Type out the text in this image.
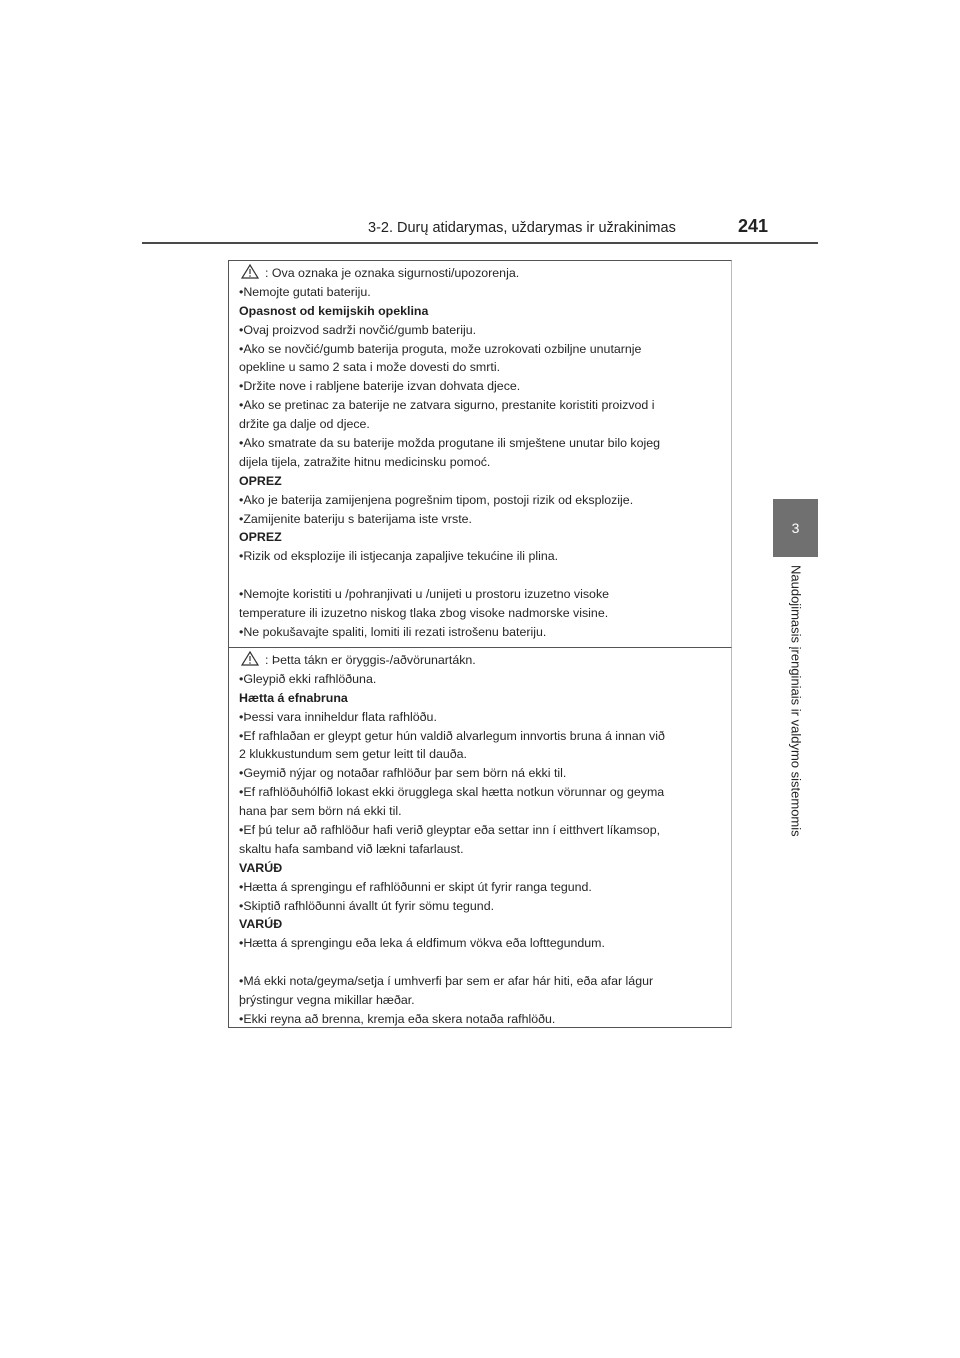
3-2. Durų atidarymas, uždarymas ir užrakinimas	241
3
Naudojimasis įrenginiais ir valdymo sistemomis
: Ova oznaka je oznaka sigurnosti/upozorenja.
•Nemojte gutati bateriju.
Opasnost od kemijskih opeklina
•Ovaj proizvod sadrži novčić/gumb bateriju.
•Ako se novčić/gumb baterija proguta, može uzrokovati ozbiljne unutarnje
opekline u samo 2 sata i može dovesti do smrti.
•Držite nove i rabljene baterije izvan dohvata djece.
•Ako se pretinac za baterije ne zatvara sigurno, prestanite koristiti proizvod i
držite ga dalje od djece.
•Ako smatrate da su baterije možda progutane ili smještene unutar bilo kojeg
dijela tijela, zatražite hitnu medicinsku pomoć.
OPREZ
•Ako je baterija zamijenjena pogrešnim tipom, postoji rizik od eksplozije.
•Zamijenite bateriju s baterijama iste vrste.
OPREZ
•Rizik od eksplozije ili istjecanja zapaljive tekućine ili plina.
•Nemojte koristiti u /pohranjivati u /unijeti u prostoru izuzetno visoke
temperature ili izuzetno niskog tlaka zbog visoke nadmorske visine.
•Ne pokušavajte spaliti, lomiti ili rezati istrošenu bateriju.
: Þetta tákn er öryggis-/aðvörunartákn.
•Gleypið ekki rafhlöðuna.
Hætta á efnabruna
•Þessi vara inniheldur flata rafhlöðu.
•Ef rafhlaðan er gleypt getur hún valdið alvarlegum innvortis bruna á innan við
2 klukkustundum sem getur leitt til dauða.
•Geymið nýjar og notaðar rafhlöður þar sem börn ná ekki til.
•Ef rafhlöðuhólfið lokast ekki örugglega skal hætta notkun vörunnar og geyma
hana þar sem börn ná ekki til.
•Ef þú telur að rafhlöður hafi verið gleyptar eða settar inn í eitthvert líkamsop,
skaltu hafa samband við lækni tafarlaust.
VARÚÐ
•Hætta á sprengingu ef rafhlöðunni er skipt út fyrir ranga tegund.
•Skiptið rafhlöðunni ávallt út fyrir sömu tegund.
VARÚÐ
•Hætta á sprengingu eða leka á eldfimum vökva eða lofttegundum.
•Má ekki nota/geyma/setja í umhverfi þar sem er afar hár hiti, eða afar lágur
þrýstingur vegna mikillar hæðar.
•Ekki reyna að brenna, kremja eða skera notaða rafhlöðu.
